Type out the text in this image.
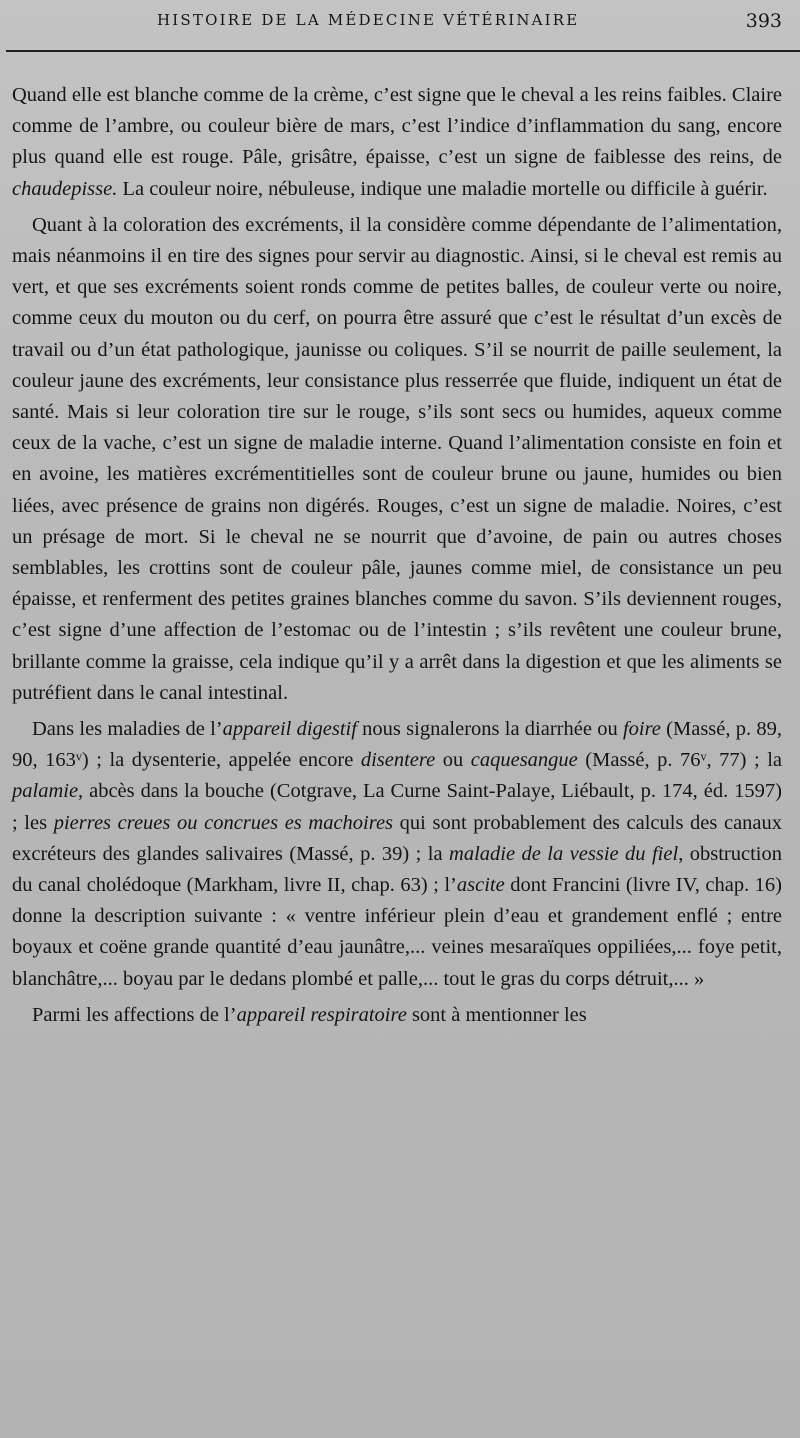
HISTOIRE DE LA MÉDECINE VÉTÉRINAIRE	393

Quand elle est blanche comme de la crème, c’est signe que le cheval a les reins faibles. Claire comme de l’ambre, ou couleur bière de mars, c’est l’indice d’inflammation du sang, encore plus quand elle est rouge. Pâle, grisâtre, épaisse, c’est un signe de faiblesse des reins, de chaudepisse. La couleur noire, nébuleuse, indique une maladie mortelle ou difficile à guérir.

Quant à la coloration des excréments, il la considère comme dépendante de l’alimentation, mais néanmoins il en tire des signes pour servir au diagnostic. Ainsi, si le cheval est remis au vert, et que ses excréments soient ronds comme de petites balles, de couleur verte ou noire, comme ceux du mouton ou du cerf, on pourra être assuré que c’est le résultat d’un excès de travail ou d’un état pathologique, jaunisse ou coliques. S’il se nourrit de paille seulement, la couleur jaune des excréments, leur consistance plus resserrée que fluide, indiquent un état de santé. Mais si leur coloration tire sur le rouge, s’ils sont secs ou humides, aqueux comme ceux de la vache, c’est un signe de maladie interne. Quand l’alimentation consiste en foin et en avoine, les matières excrémentitielles sont de couleur brune ou jaune, humides ou bien liées, avec présence de grains non digérés. Rouges, c’est un signe de maladie. Noires, c’est un présage de mort. Si le cheval ne se nourrit que d’avoine, de pain ou autres choses semblables, les crottins sont de couleur pâle, jaunes comme miel, de consistance un peu épaisse, et renferment des petites graines blanches comme du savon. S’ils deviennent rouges, c’est signe d’une affection de l’estomac ou de l’intestin ; s’ils revêtent une couleur brune, brillante comme la graisse, cela indique qu’il y a arrêt dans la digestion et que les aliments se putréfient dans le canal intestinal.

Dans les maladies de l’appareil digestif nous signalerons la diarrhée ou foire (Massé, p. 89, 90, 163ᵛ) ; la dysenterie, appelée encore disentere ou caquesangue (Massé, p. 76ᵛ, 77) ; la palamie, abcès dans la bouche (Cotgrave, La Curne Saint-Palaye, Liébault, p. 174, éd. 1597) ; les pierres creues ou concrues es machoires qui sont probablement des calculs des canaux excréteurs des glandes salivaires (Massé, p. 39) ; la maladie de la vessie du fiel, obstruction du canal cholédoque (Markham, livre II, chap. 63) ; l’ascite dont Francini (livre IV, chap. 16) donne la description suivante : « ventre inférieur plein d’eau et grandement enflé ; entre boyaux et coëne grande quantité d’eau jaunâtre,... veines mesaraïques oppiliées,... foye petit, blanchâtre,... boyau par le dedans plombé et palle,... tout le gras du corps détruit,... »

Parmi les affections de l’appareil respiratoire sont à mentionner les
